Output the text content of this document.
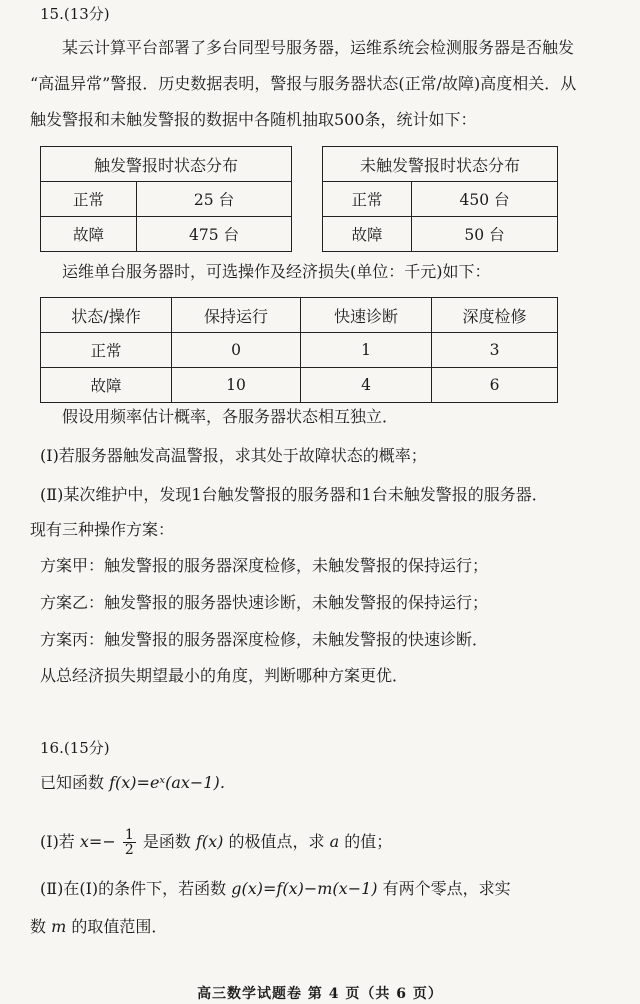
15.(13分)
某云计算平台部署了多台同型号服务器，运维系统会检测服务器是否触发
“高温异常”警报．历史数据表明，警报与服务器状态(正常/故障)高度相关．从
触发警报和未触发警报的数据中各随机抽取500条，统计如下：
触发警报时状态分布	
正常	25 台
故障	475 台
未触发警报时状态分布	
正常	450 台
故障	50 台
运维单台服务器时，可选操作及经济损失(单位：千元)如下：
状态/操作	保持运行	快速诊断	深度检修
正常	0	1	3
故障	10	4	6
假设用频率估计概率，各服务器状态相互独立．
(Ⅰ)若服务器触发高温警报，求其处于故障状态的概率；
(Ⅱ)某次维护中，发现1台触发警报的服务器和1台未触发警报的服务器．
现有三种操作方案：
方案甲：触发警报的服务器深度检修，未触发警报的保持运行；
方案乙：触发警报的服务器快速诊断，未触发警报的保持运行；
方案丙：触发警报的服务器深度检修，未触发警报的快速诊断．
从总经济损失期望最小的角度，判断哪种方案更优．
16.(15分)
已知函数 f(x)=eˣ(ax−1)．
(Ⅰ)若 $x=- \frac{1}{2}$ 是函数 f(x) 的极值点，求 a 的值；
(Ⅱ)在(Ⅰ)的条件下，若函数 g(x)=f(x)−m(x−1) 有两个零点，求实
数 m 的取值范围．
高三数学试题卷 第 4 页（共 6 页）
